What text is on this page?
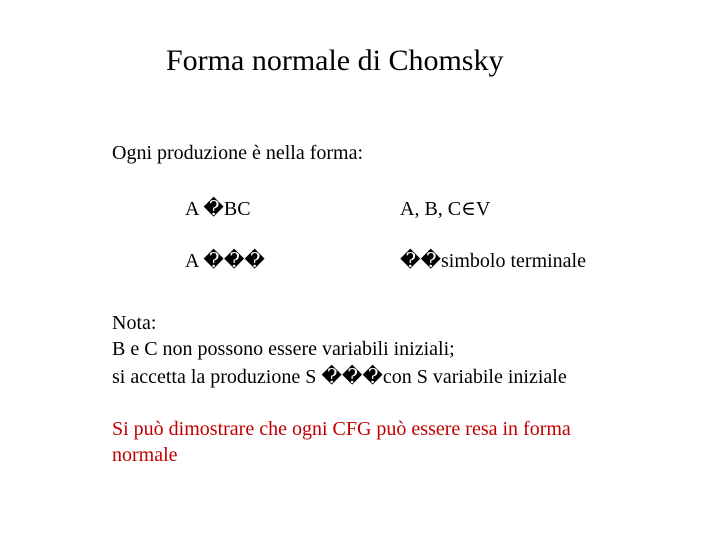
Forma normale di Chomsky
Ogni produzione è nella forma:
A �BC	A, B, C∈V
A ���	��simbolo terminale
Nota:
B e C non possono essere variabili iniziali;
si accetta la produzione S ���con S variabile iniziale
Si può dimostrare che ogni CFG può essere resa in forma normale
